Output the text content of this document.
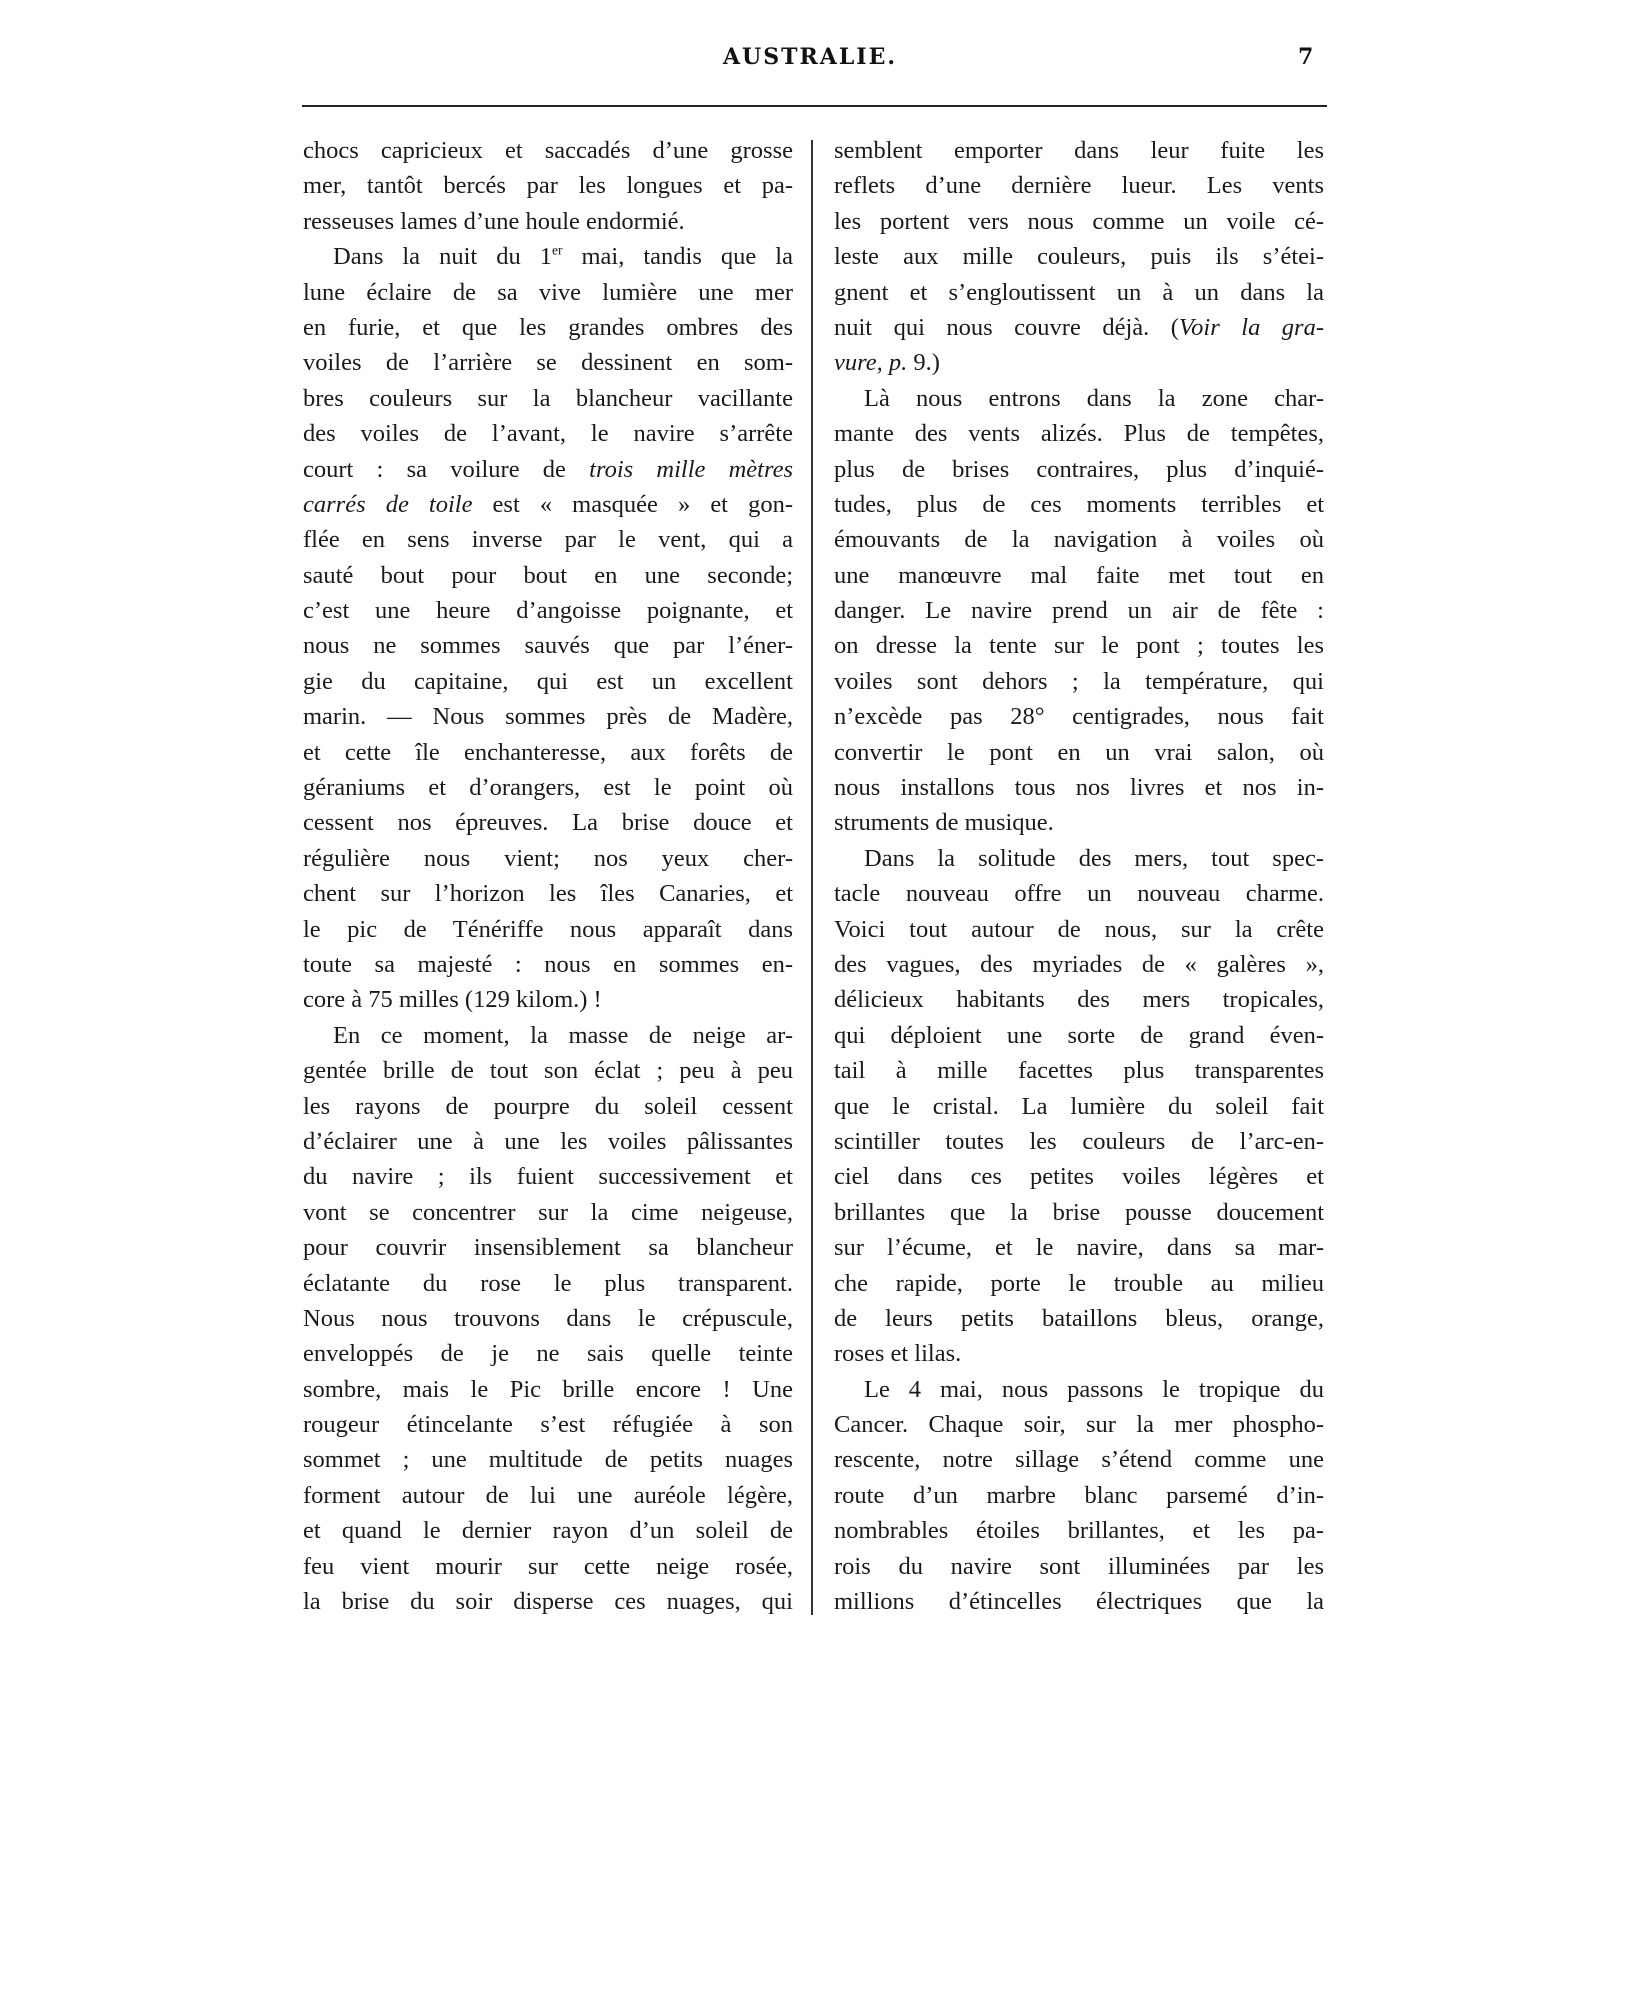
AUSTRALIE.	7
chocs capricieux et saccadés d’une grosse
mer, tantôt bercés par les longues et pa-
resseuses lames d’une houle endormié.
Dans la nuit du 1er mai, tandis que la
lune éclaire de sa vive lumière une mer
en furie, et que les grandes ombres des
voiles de l’arrière se dessinent en som-
bres couleurs sur la blancheur vacillante
des voiles de l’avant, le navire s’arrête
court : sa voilure de trois mille mètres
carrés de toile est « masquée » et gon-
flée en sens inverse par le vent, qui a
sauté bout pour bout en une seconde;
c’est une heure d’angoisse poignante, et
nous ne sommes sauvés que par l’éner-
gie du capitaine, qui est un excellent
marin. — Nous sommes près de Madère,
et cette île enchanteresse, aux forêts de
géraniums et d’orangers, est le point où
cessent nos épreuves. La brise douce et
régulière nous vient; nos yeux cher-
chent sur l’horizon les îles Canaries, et
le pic de Ténériffe nous apparaît dans
toute sa majesté : nous en sommes en-
core à 75 milles (129 kilom.) !
En ce moment, la masse de neige ar-
gentée brille de tout son éclat ; peu à peu
les rayons de pourpre du soleil cessent
d’éclairer une à une les voiles pâlissantes
du navire ; ils fuient successivement et
vont se concentrer sur la cime neigeuse,
pour couvrir insensiblement sa blancheur
éclatante du rose le plus transparent.
Nous nous trouvons dans le crépuscule,
enveloppés de je ne sais quelle teinte
sombre, mais le Pic brille encore ! Une
rougeur étincelante s’est réfugiée à son
sommet ; une multitude de petits nuages
forment autour de lui une auréole légère,
et quand le dernier rayon d’un soleil de
feu vient mourir sur cette neige rosée,
la brise du soir disperse ces nuages, qui
semblent emporter dans leur fuite les
reflets d’une dernière lueur. Les vents
les portent vers nous comme un voile cé-
leste aux mille couleurs, puis ils s’étei-
gnent et s’engloutissent un à un dans la
nuit qui nous couvre déjà. (Voir la gra-
vure, p. 9.)
Là nous entrons dans la zone char-
mante des vents alizés. Plus de tempêtes,
plus de brises contraires, plus d’inquié-
tudes, plus de ces moments terribles et
émouvants de la navigation à voiles où
une manœuvre mal faite met tout en
danger. Le navire prend un air de fête :
on dresse la tente sur le pont ; toutes les
voiles sont dehors ; la température, qui
n’excède pas 28° centigrades, nous fait
convertir le pont en un vrai salon, où
nous installons tous nos livres et nos in-
struments de musique.
Dans la solitude des mers, tout spec-
tacle nouveau offre un nouveau charme.
Voici tout autour de nous, sur la crête
des vagues, des myriades de « galères »,
délicieux habitants des mers tropicales,
qui déploient une sorte de grand éven-
tail à mille facettes plus transparentes
que le cristal. La lumière du soleil fait
scintiller toutes les couleurs de l’arc-en-
ciel dans ces petites voiles légères et
brillantes que la brise pousse doucement
sur l’écume, et le navire, dans sa mar-
che rapide, porte le trouble au milieu
de leurs petits bataillons bleus, orange,
roses et lilas.
Le 4 mai, nous passons le tropique du
Cancer. Chaque soir, sur la mer phospho-
rescente, notre sillage s’étend comme une
route d’un marbre blanc parsemé d’in-
nombrables étoiles brillantes, et les pa-
rois du navire sont illuminées par les
millions d’étincelles électriques que la
